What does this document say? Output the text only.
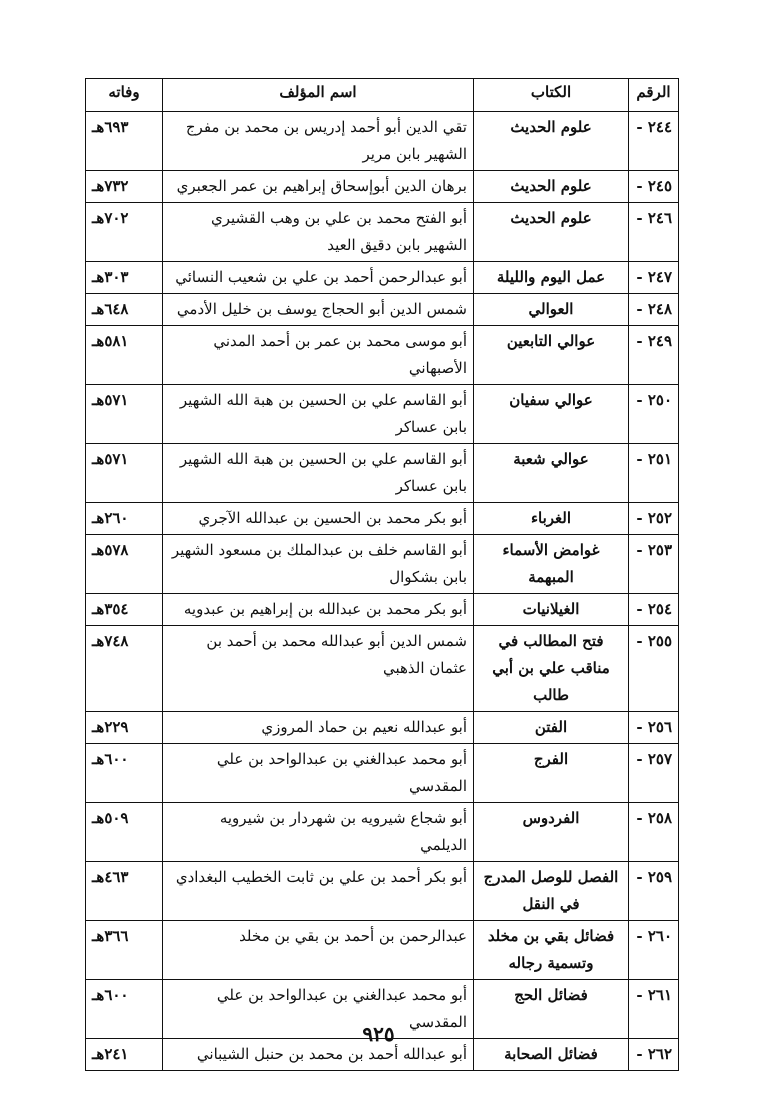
الرقم	الكتاب	اسم المؤلف	وفاته
٢٤٤ -	علوم الحديث	تقي الدين أبو أحمد إدريس بن محمد بن مفرج الشهير بابن مرير	٦٩٣هـ
٢٤٥ -	علوم الحديث	برهان الدين أبوإسحاق إبراهيم بن عمر الجعبري	٧٣٢هـ
٢٤٦ -	علوم الحديث	أبو الفتح محمد بن علي بن وهب القشيري الشهير بابن دقيق العيد	٧٠٢هـ
٢٤٧ -	عمل اليوم والليلة	أبو عبدالرحمن أحمد بن علي بن شعيب النسائي	٣٠٣هـ
٢٤٨ -	العوالي	شمس الدين أبو الحجاج يوسف بن خليل الأدمي	٦٤٨هـ
٢٤٩ -	عوالي التابعين	أبو موسى محمد بن عمر بن أحمد المدني الأصبهاني	٥٨١هـ
٢٥٠ -	عوالي سفيان	أبو القاسم علي بن الحسين بن هبة الله الشهير بابن عساكر	٥٧١هـ
٢٥١ -	عوالي شعبة	أبو القاسم علي بن الحسين بن هبة الله الشهير بابن عساكر	٥٧١هـ
٢٥٢ -	الغرباء	أبو بكر محمد بن الحسين بن عبدالله الآجري	٢٦٠هـ
٢٥٣ -	غوامض الأسماء المبهمة	أبو القاسم خلف بن عبدالملك بن مسعود الشهير بابن بشكوال	٥٧٨هـ
٢٥٤ -	الغيلانيات	أبو بكر محمد بن عبدالله بن إبراهيم بن عبدويه	٣٥٤هـ
٢٥٥ -	فتح المطالب في مناقب علي بن أبي طالب	شمس الدين أبو عبدالله محمد بن أحمد بن عثمان الذهبي	٧٤٨هـ
٢٥٦ -	الفتن	أبو عبدالله نعيم بن حماد المروزي	٢٢٩هـ
٢٥٧ -	الفرج	أبو محمد عبدالغني بن عبدالواحد بن علي المقدسي	٦٠٠هـ
٢٥٨ -	الفردوس	أبو شجاع شيرويه بن شهردار بن شيرويه الديلمي	٥٠٩هـ
٢٥٩ -	الفصل للوصل المدرج في النقل	أبو بكر أحمد بن علي بن ثابت الخطيب البغدادي	٤٦٣هـ
٢٦٠ -	فضائل بقي بن مخلد وتسمية رجاله	عبدالرحمن بن أحمد بن بقي بن مخلد	٣٦٦هـ
٢٦١ -	فضائل الحج	أبو محمد عبدالغني بن عبدالواحد بن علي المقدسي	٦٠٠هـ
٢٦٢ -	فضائل الصحابة	أبو عبدالله أحمد بن محمد بن حنبل الشيباني	٢٤١هـ
٩٢٥
